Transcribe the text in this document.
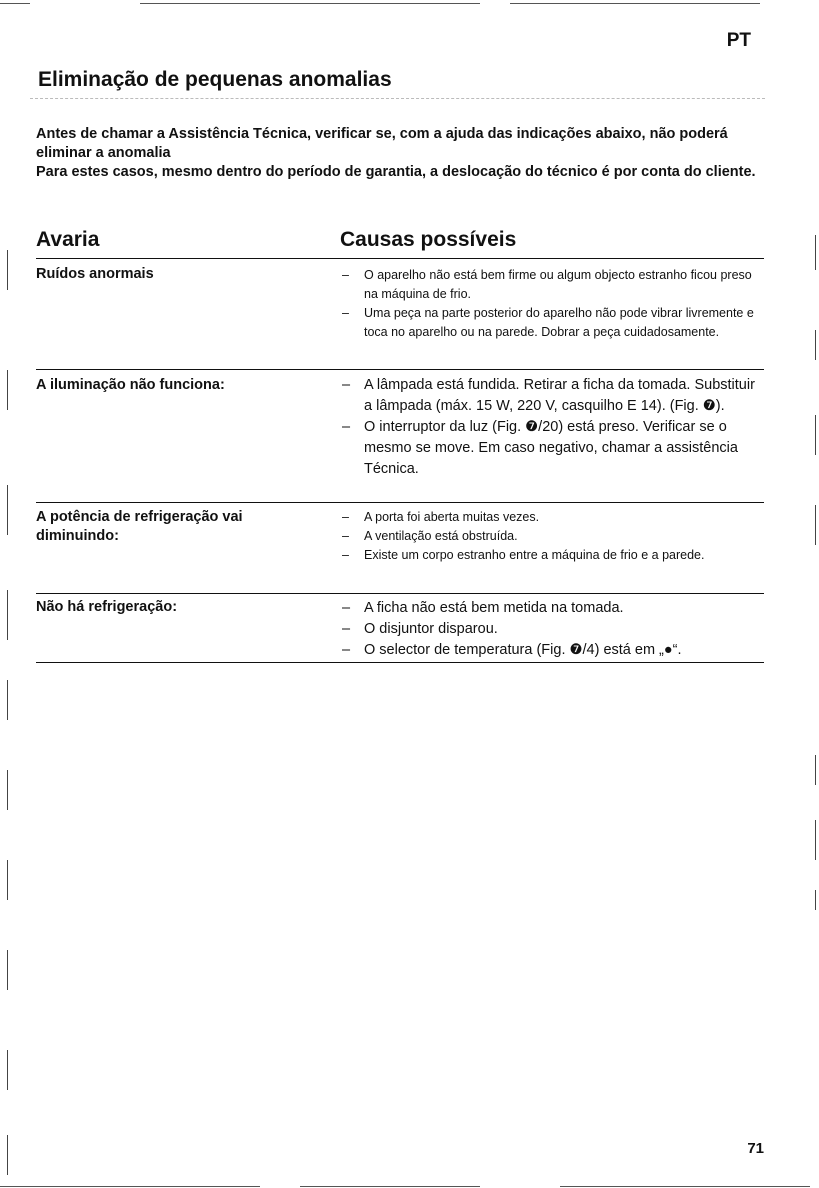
PT
Eliminação de pequenas anomalias

Antes de chamar a Assistência Técnica, verificar se, com a ajuda das indicações abaixo, não poderá eliminar a anomalia

Para estes casos, mesmo dentro do período de garantia, a deslocação do técnico é por conta do cliente.

Avaria	Causas possíveis
Ruídos anormais	– O aparelho não está bem firme ou algum objecto estranho ficou preso na máquina de frio.
– Uma peça na parte posterior do aparelho não pode vibrar livremente e toca no aparelho ou na parede. Dobrar a peça cuidadosamente.
A iluminação não funciona:	– A lâmpada está fundida. Retirar a ficha da tomada. Substituir a lâmpada (máx. 15 W, 220 V, casquilho E 14). (Fig. ❼).
– O interruptor da luz (Fig. ❼/20) está preso. Verificar se o mesmo se move. Em caso negativo, chamar a assistência Técnica.
A potência de refrigeração vai diminuindo:
– A porta foi aberta muitas vezes.
– A ventilação está obstruída.
– Existe um corpo estranho entre a máquina de frio e a parede.
Não há refrigeração:	– A ficha não está bem metida na tomada.
– O disjuntor disparou.
– O selector de temperatura (Fig. ❼/4) está em „●“.
71
